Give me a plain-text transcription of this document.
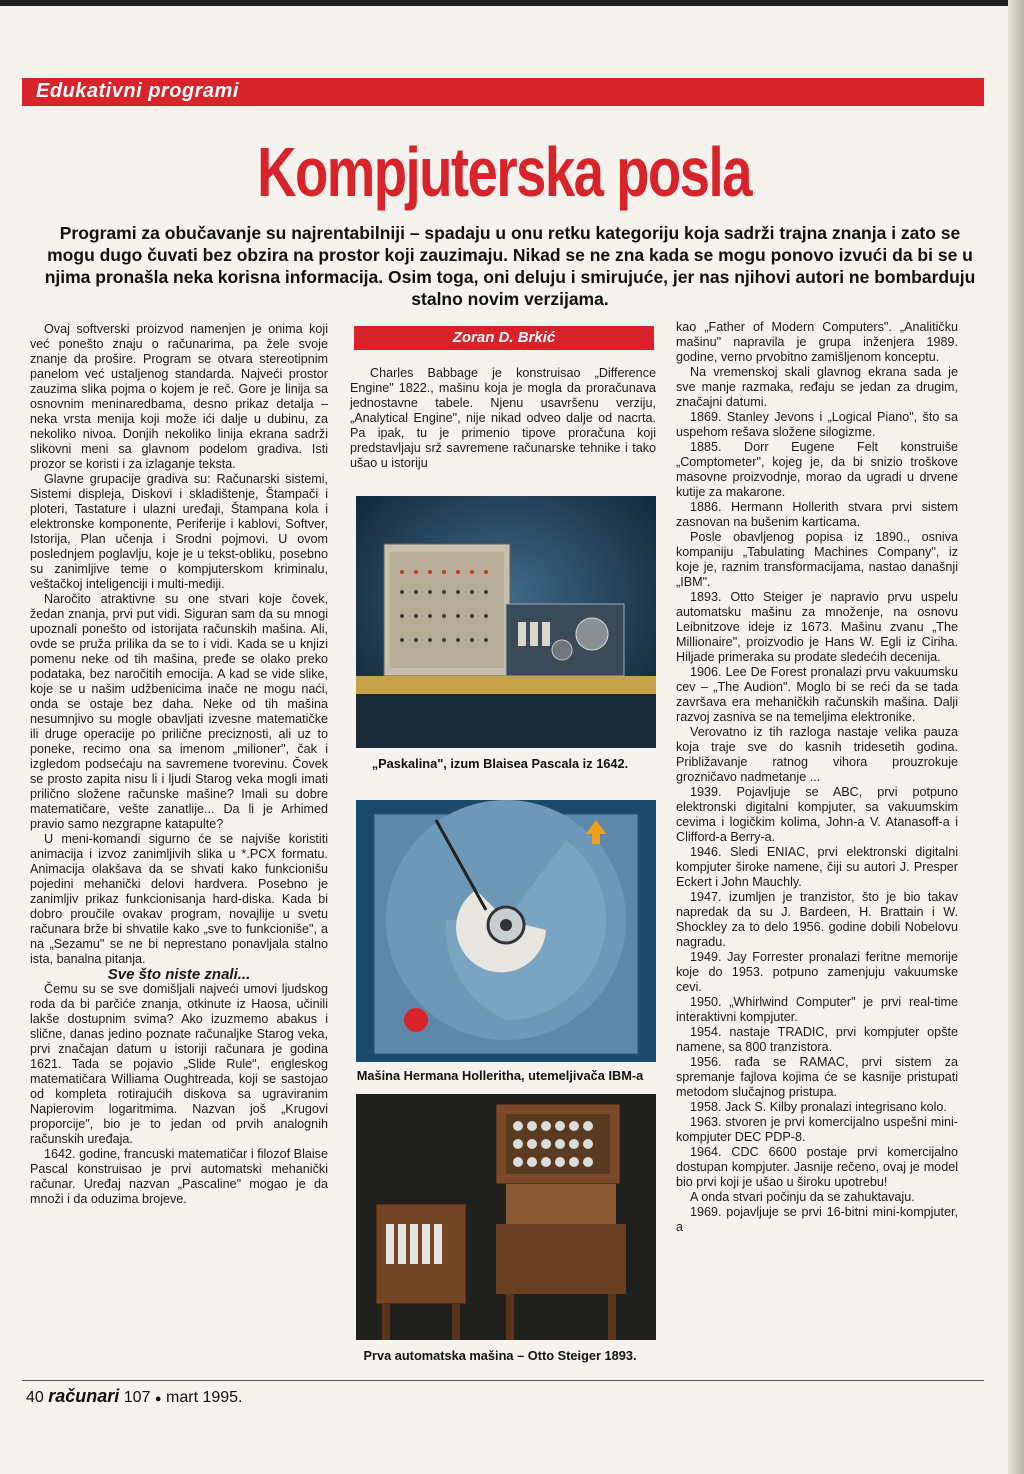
Edukativni programi
Kompjuterska posla
Programi za obučavanje su najrentabilniji – spadaju u onu retku kategoriju koja sadrži trajna znanja i zato se mogu dugo čuvati bez obzira na prostor koji zauzimaju. Nikad se ne zna kada se mogu ponovo izvući da bi se u njima pronašla neka korisna informacija. Osim toga, oni deluju i smirujuće, jer nas njihovi autori ne bombarduju stalno novim verzijama.

Ovaj softverski proizvod namenjen je onima koji već ponešto znaju o računarima, pa žele svoje znanje da prošire. Program se otvara stereotipnim panelom već ustaljenog standarda. Najveći prostor zauzima slika pojma o kojem je reč. Gore je linija sa osnovnim meninaredbama, desno prikaz detalja – neka vrsta menija koji može ići dalje u dubinu, za nekoliko nivoa. Donjih nekoliko linija ekrana sadrži slikovni meni sa glavnom podelom gradiva. Isti prozor se koristi i za izlaganje teksta.

Glavne grupacije gradiva su: Računarski sistemi, Sistemi displeja, Diskovi i skladištenje, Štampači i ploteri, Tastature i ulazni uređaji, Štampana kola i elektronske komponente, Periferije i kablovi, Softver, Istorija, Plan učenja i Srodni pojmovi. U ovom poslednjem poglavlju, koje je u tekst-obliku, posebno su zanimljive teme o kompjuterskom kriminalu, veštačkoj inteligenciji i multi-mediji.

Naročito atraktivne su one stvari koje čovek, žedan znanja, prvi put vidi. Siguran sam da su mnogi upoznali ponešto od istorijata računskih mašina. Ali, ovde se pruža prilika da se to i vidi. Kada se u knjizi pomenu neke od tih mašina, pređe se olako preko podataka, bez naročitih emocija. A kad se vide slike, koje se u našim udžbenicima inače ne mogu naći, onda se ostaje bez daha. Neke od tih mašina nesumnjivo su mogle obavljati izvesne matematičke ili druge operacije po prilične preciznosti, ali uz to poneke, recimo ona sa imenom „milioner", čak i izgledom podsećaju na savremene tvorevinu. Čovek se prosto zapita nisu li i ljudi Starog veka mogli imati prilično složene računske mašine? Imali su dobre matematičare, vešte zanatlije... Da li je Arhimed pravio samo nezgrapne katapulte?

U meni-komandi sigurno će se najviše koristiti animacija i izvoz zanimljivih slika u *.PCX formatu. Animacija olakšava da se shvati kako funkcionišu pojedini mehanički delovi hardvera. Posebno je zanimljiv prikaz funkcionisanja hard-diska. Kada bi dobro proučile ovakav program, novajlije u svetu računara brže bi shvatile kako „sve to funkcioniše", a na „Sezamu" se ne bi neprestano ponavljala stalno ista, banalna pitanja.

Sve što niste znali...

Čemu su se sve domišljali najveći umovi ljudskog roda da bi parčiće znanja, otkinute iz Haosa, učinili lakše dostupnim svima? Ako izuzmemo abakus i slične, danas jedino poznate računaljke Starog veka, prvi značajan datum u istoriji računara je godina 1621. Tada se pojavio „Slide Rule", engleskog matematičara Williama Oughtreada, koji se sastojao od kompleta rotirajućih diskova sa ugraviranim Napierovim logaritmima. Nazvan još „Krugovi proporcije", bio je to jedan od prvih analognih računskih uređaja.

1642. godine, francuski matematičar i filozof Blaise Pascal konstruisao je prvi automatski mehanički računar. Uređaj nazvan „Pascaline" mogao je da množi i da oduzima brojeve.

Zoran D. Brkić

Charles Babbage je konstruisao „Difference Engine" 1822., mašinu koja je mogla da proračunava jednostavne tabele. Njenu usavršenu verziju, „Analytical Engine", nije nikad odveo dalje od nacrta. Pa ipak, tu je primenio tipove proračuna koji predstavljaju srž savremene računarske tehnike i tako ušao u istoriju

„Paskalina", izum Blaisea Pascala iz 1642.
Mašina Hermana Holleritha, utemeljivača IBM-a
Prva automatska mašina – Otto Steiger 1893.

kao „Father of Modern Computers". „Analitičku mašinu" napravila je grupa inženjera 1989. godine, verno prvobitno zamišljenom konceptu.

Na vremenskoj skali glavnog ekrana sada je sve manje razmaka, ređaju se jedan za drugim, značajni datumi.

1869. Stanley Jevons i „Logical Piano", što sa uspehom rešava složene silogizme.

1885. Dorr Eugene Felt konstruiše „Comptometer", kojeg je, da bi snizio troškove masovne proizvodnje, morao da ugradi u drvene kutije za makarone.

1886. Hermann Hollerith stvara prvi sistem zasnovan na bušenim karticama.

Posle obavljenog popisa iz 1890., osniva kompaniju „Tabulating Machines Company", iz koje je, raznim transformacijama, nastao današnji „IBM".

1893. Otto Steiger je napravio prvu uspelu automatsku mašinu za množenje, na osnovu Leibnitzove ideje iz 1673. Mašinu zvanu „The Millionaire", proizvodio je Hans W. Egli iz Ciriha. Hiljade primeraka su prodate sledećih decenija.

1906. Lee De Forest pronalazi prvu vakuumsku cev – „The Audion". Moglo bi se reći da se tada završava era mehaničkih računskih mašina. Dalji razvoj zasniva se na temeljima elektronike.

Verovatno iz tih razloga nastaje velika pauza koja traje sve do kasnih tridesetih godina. Približavanje ratnog vihora prouzrokuje grozničavo nadmetanje ...

1939. Pojavljuje se ABC, prvi potpuno elektronski digitalni kompjuter, sa vakuumskim cevima i logičkim kolima, John-a V. Atanasoff-a i Clifford-a Berry-a.

1946. Sledi ENIAC, prvi elektronski digitalni kompjuter široke namene, čiji su autori J. Presper Eckert i John Mauchly.

1947. izumljen je tranzistor, što je bio takav napredak da su J. Bardeen, H. Brattain i W. Shockley za to delo 1956. godine dobili Nobelovu nagradu.

1949. Jay Forrester pronalazi feritne memorije koje do 1953. potpuno zamenjuju vakuumske cevi.

1950. „Whirlwind Computer" je prvi real-time interaktivni kompjuter.

1954. nastaje TRADIC, prvi kompjuter opšte namene, sa 800 tranzistora.

1956. rađa se RAMAC, prvi sistem za spremanje fajlova kojima će se kasnije pristupati metodom slučajnog pristupa.

1958. Jack S. Kilby pronalazi integrisano kolo.

1963. stvoren je prvi komercijalno uspešni mini-kompjuter DEC PDP-8.

1964. CDC 6600 postaje prvi komercijalno dostupan kompjuter. Jasnije rečeno, ovaj je model bio prvi koji je ušao u široku upotrebu!

A onda stvari počinju da se zahuktavaju.

1969. pojavljuje se prvi 16-bitni mini-kompjuter, a

40 računari 107 ● mart 1995.
